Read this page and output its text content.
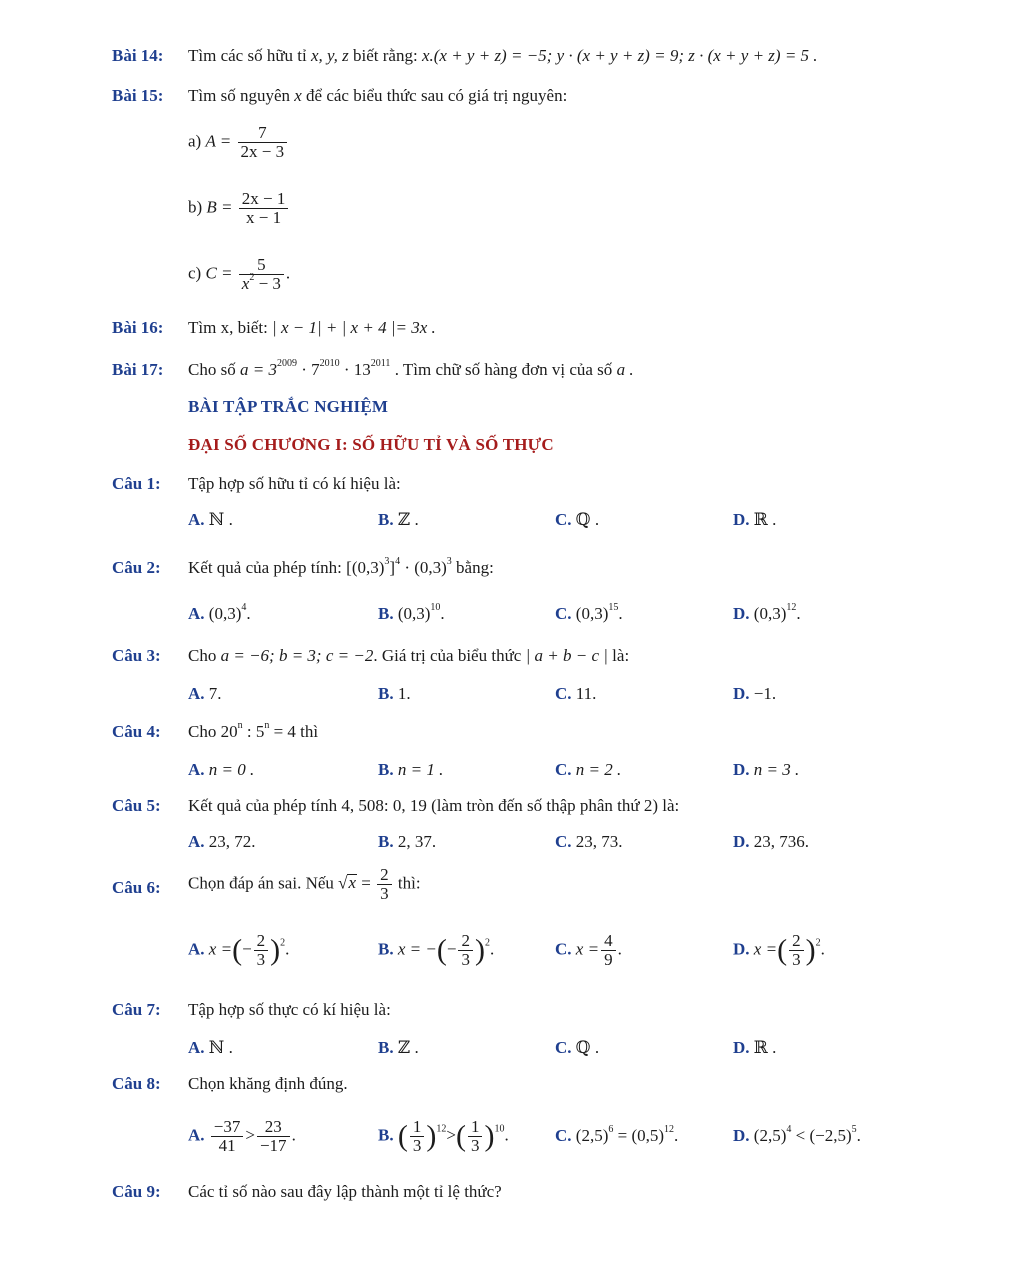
Bài 14: Tìm các số hữu tỉ x, y, z biết rằng: x.(x + y + z) = −5; y · (x + y + z) = 9; z · (x + y + z) = 5 .
Bài 15: Tìm số nguyên x để các biểu thức sau có giá trị nguyên:
a) $A = \frac{7}{2x - 3}$
b) $B = \frac{2x - 1}{x - 1}$
c) $C = \frac{5}{x^2 - 3}$ .
Bài 16: Tìm x, biết: | x − 1| + | x + 4 |= 3x .
Bài 17: Cho số $a = 3^{2009} \cdot 7^{2010} \cdot 13^{2011}$ . Tìm chữ số hàng đơn vị của số a .
BÀI TẬP TRẮC NGHIỆM
ĐẠI SỐ CHƯƠNG I: SỐ HỮU TỈ VÀ SỐ THỰC
Câu 1: Tập hợp số hữu tỉ có kí hiệu là:
A. ℕ .	B. ℤ .	C. ℚ .	D. ℝ .
Câu 2: Kết quả của phép tính: $[(0,3)^3]^4 \cdot (0,3)^3$ bằng:
A. $(0,3)^4$.	B. $(0,3)^{10}$.	C. $(0,3)^{15}$.	D. $(0,3)^{12}$.
Câu 3: Cho a = −6; b = 3; c = −2. Giá trị của biểu thức | a + b − c | là:
A. 7.	B. 1.	C. 11.	D. −1.
Câu 4: Cho 20$^n$ : $5^n = 4$ thì
A. n = 0 .	B. n = 1 .	C. n = 2 .	D. n = 3 .
Câu 5: Kết quả của phép tính 4, 508: 0, 19 (làm tròn đến số thập phân thứ 2) là:
A. 23, 72.	B. 2, 37.	C. 23, 73.	D. 23, 736.
Câu 6: Chọn đáp án sai. Nếu $√x = \frac{2}{3}$ thì:
A. x =(− $\frac{2}{3} )^2$.	B. x = −(− $\frac{2}{3} )^2$.	C. $x = \frac{4}{9}$ .	D. x =( $\frac{2}{3} )^2$.
Câu 7: Tập hợp số thực có kí hiệu là:
A. ℕ .	B. ℤ .	C. ℚ .	D. ℝ .
Câu 8: Chọn khăng định đúng.
A. $\frac{-37}{41} > \frac{23}{-17}$ .	B. ( $\frac{1}{3} )^{12}>( \frac{1}{3} )^{10}$.	C. $(2,5)^6 = (0,5)^{12}$.	D. $(2,5)^4 < (-2,5)^5$.
Câu 9: Các tỉ số nào sau đây lập thành một tỉ lệ thức?
